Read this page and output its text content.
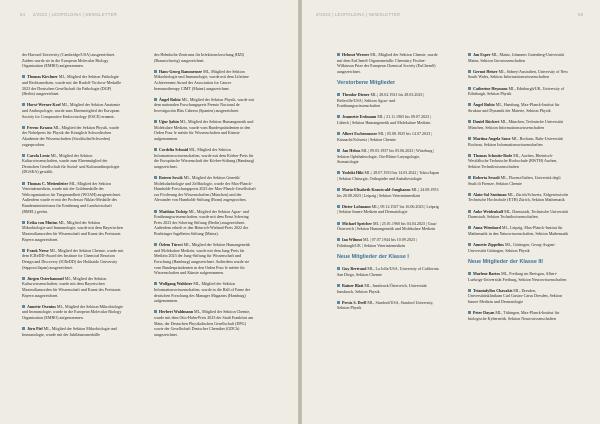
54 2/2023 | LEOPOLDINA | NEWSLETTER
der Harvard University (Cambridge/USA) ausgezeichnet. Zudem wurde sie in die European Molecular Biology Organization (EMBO) aufgenommen.
Thomas Kirchner ML, Mitglied der Sektion Pathologie und Rechtsmedizin, wurde mit der Rudolf-Virchow-Medaille 2023 der Deutschen Gesellschaft für Pathologie (DGP) (Berlin) ausgezeichnet.
Horst-Werner Korf ML, Mitglied der Sektion Anatomie und Anthropologie, wurde zum Ehrenmitglied der European Society for Comparative Endocrinology (ESCE) ernannt.
Ferenc Krausz ML, Mitglied der Sektion Physik, wurde der Nobelpreis für Physik der Königlich Schwedischen Akademie der Wissenschaften (Stockholm/Schweden) zugesprochen.
Carola Lentz ML, Mitglied der Sektion Kulturwissenschaften, wurde zum Ehrenmitglied der Deutschen Gesellschaft für Sozial- und Kulturanthropologie (DGSKA) gewählt.
Thomas C. Mettenleiter ML, Mitglied der Sektion Veterinärmedizin, wurde mit der Goldmedaille der Weltorganisation für Tiergesundheit (WOAH) ausgezeichnet. Außerdem wurde er mit der Professor Niklas-Medaille des Bundesministeriums für Ernährung und Landwirtschaft (BMEL) geehrt.
Erika von Mutius ML, Mitglied der Sektion Mikrobiologie und Immunologie, wurde mit dem Bayerischen Maximiliansorden für Wissenschaft und Kunst des Freistaats Bayern ausgezeichnet.
Frank Neese ML, Mitglied der Sektion Chemie, wurde mit dem ICReDD-Award des Institute for Chemical Reaction Design and Discovery (ICReDD) der Hokkaido University (Sapporo/Japan) ausgezeichnet.
Jürgen Osterhammel ML, Mitglied der Sektion Kulturwissenschaften, wurde mit dem Bayerischen Maximiliansorden für Wissenschaft und Kunst des Freistaats Bayern ausgezeichnet.
Annette Oxenius ML, Mitglied der Sektion Mikrobiologie und Immunologie, wurde in die European Molecular Biology Organization (EMBO) aufgenommen.
Jörn Piel ML, Mitglied der Sektion Mikrobiologie und Immunologie, wurde mit der Jubiläumsmedaille
des Helmholtz-Zentrums für Infektionsforschung (HZI) (Braunschweig) ausgezeichnet.
Hans-Georg Rammensee ML, Mitglied der Sektion Mikrobiologie und Immunologie, wurde mit dem Lifetime Achievement Award der Association for Cancer Immunotherapy CIMT (Mainz) ausgezeichnet.
Ängel Rubio ML, Mitglied der Sektion Physik, wurde mit dem nationalen Forschungspreis Premio Nacional de Investigación Blas Cabrera (Spanien) ausgezeichnet.
Uğur Şahin ML, Mitglied der Sektion Humangenetik und Molekulare Medizin, wurde vom Bundespräsidenten in den Orden Pour le mérite für Wissenschaften und Künste aufgenommen.
Cordelia Schmid ML, Mitglied der Sektion Informationswissenschaften, wurde mit dem Körber-Preis für die Europäische Wissenschaft der Körber-Stiftung (Hamburg) ausgezeichnet.
Roteen Sowik ML, Mitglied der Sektion Genetik/ Molekularbiologie und Zellbiologie, wurde der Max-Planck-Humboldt-Forschungspreis 2023 der Max-Planck-Gesellschaft zur Förderung der Wissenschaften (München) und der Alexander von Humboldt-Stiftung (Bonn) zugesprochen.
Matthias Tschöp ML, Mitglied der Sektion Agrar- und Ernährungswissenschaften, wurde mit dem Ernst Schering Preis 2023 der Schering Stiftung (Berlin) ausgezeichnet. Außerdem erhielt er den Heinrich-Wieland-Preis 2022 der Boehringer Ingelheim Stiftung (Mainz).
Özlem Türeci ML, Mitglied der Sektion Humangenetik und Molekulare Medizin, wurde mit dem Jung-Preis für Medizin 2023 der Jung-Stiftung für Wissenschaft und Forschung (Hamburg) ausgezeichnet. Außerdem wurde sie vom Bundespräsidenten in den Orden Pour le mérite für Wissenschaften und Künste aufgenommen.
Wolfgang Wahlster ML, Mitglied der Sektion Informationswissenschaften, wurde in die Hall of Fame der deutschen Forschung des Manager Magazins (Hamburg) aufgenommen.
Herbert Waldmann ML, Mitglied der Sektion Chemie, wurde mit dem Otto-Hahn-Preis 2023 der Stadt Frankfurt am Main, der Deutschen Physikalischen Gesellschaft (DPG) sowie der Gesellschaft Deutscher Chemiker (GDCh) ausgezeichnet.
2/2023 | LEOPOLDINA | NEWSLETTER	55
Helmut Werner ML, Mitglied der Sektion Chemie, wurde mit dem EuChemS Organometallic Chemistry Fischer-Wilkinson Prize der European Chemical Society (EuChemS) ausgezeichnet.
Verstorbene Mitglieder
Theodor Diener ML | 28.02.1921 bis 28.03.2023 | Beltsville/USA | Sektion Agrar- und Ernährungswissenschaften
Jeannette Erdmann ML | 21.11.1965 bis 09.07.2023 | Lübeck | Sektion Humangenetik und Molekulare Medizin
Albert Eschenmoser ML | 05.08.1925 bis 14.07.2023 | Küsnacht/Schweiz | Sektion Chemie
Jan Helms ML | 09.03.1937 bis 05.06.2023 | Würzburg | Sektion Ophthalmologie, Oto-Rhino-Laryngologie, Stomatologie
Yoshiki Hiki ML | 28.07.1933 bis 14.03.2022 | Tokio/Japan | Sektion Chirurgie, Orthopädie und Anästhesiologie
Maria-Elisabeth Krautwald-Junghanns ML | 24.08.1953 bis 26.08.2023 | Leipzig | Sektion Veterinärmedizin
Dieter Lohmann ML | 09.12.1927 bis 16.06.2023 | Leipzig | Sektion Innere Medizin und Dermatologie
Michael Speicher ML | 25.01.1960 bis 04.04.2023 | Graz/Österreich | Sektion Humangenetik und Molekulare Medizin
Ian Wilmut ML | 07.07.1944 bis 10.09.2023 | Edinburgh/UK | Sektion Veterinärmedizin
Neue Mitglieder der Klasse I
Guy Bertrand ML, La Jolla/USA, University of California San Diego, Sektion Chemie
Rainer Blatt ML, Innsbruck/Österreich, Universität Innsbruck, Sektion Physik
Persis S. Drell ML, Stanford/USA, Stanford University, Sektion Physik
Jan Esper ML, Mainz, Johannes Gutenberg-Universität Mainz, Sektion Geowissenschaften
Gernot Heiser ML, Sidney/Australien, University of New South Wales, Sektion Informationswissenschaften
Catherine Heymans ML, Edinburgh/UK, University of Edinburgh, Sektion Physik
Ängel Rubio ML, Hamburg, Max-Planck-Institut für Struktur und Dynamik der Materie, Sektion Physik
Daniel Rückert ML, München, Technische Universität München, Sektion Informationswissenschaften
Martina Angela Sasse ML, Bochum, Ruhr-Universität Bochum, Sektion Informationswissenschaften
Thomas Schmitz-Rode ML, Aachen, Rheinisch-Westfälische Technische Hochschule (RWTH) Aachen, Sektion Technikwissenschaften
Roberta Sessoli ML, Florenz/Italien, Università degli Studi di Firenze, Sektion Chemie
Alain-Sol Sznitman ML, Zürich/Schweiz, Eidgenössische Technische Hochschule (ETH) Zürich, Sektion Mathematik
Anke Weidenkaff ML, Darmstadt, Technische Universität Darmstadt, Sektion Technikwissenschaften
Anna Wienhard ML, Leipzig, Max-Planck-Institut für Mathematik in den Naturwissenschaften, Sektion Mathematik
Annette Zippelius ML, Göttingen, Georg-August-Universität Göttingen, Sektion Physik
Neue Mitglieder der Klasse III
Marlene Bartos ML, Freiburg im Breisgau, Albert-Ludwigs-Universität Freiburg, Sektion Neurowissenschaften
Triantafyllos Chavakis ML, Dresden, Universitätsklinikum Carl Gustav Carus Dresden, Sektion Innere Medizin und Dermatologie
Peter Dayan ML, Tübingen, Max-Planck-Institut für biologische Kybernetik, Sektion Neurowissenschaften
